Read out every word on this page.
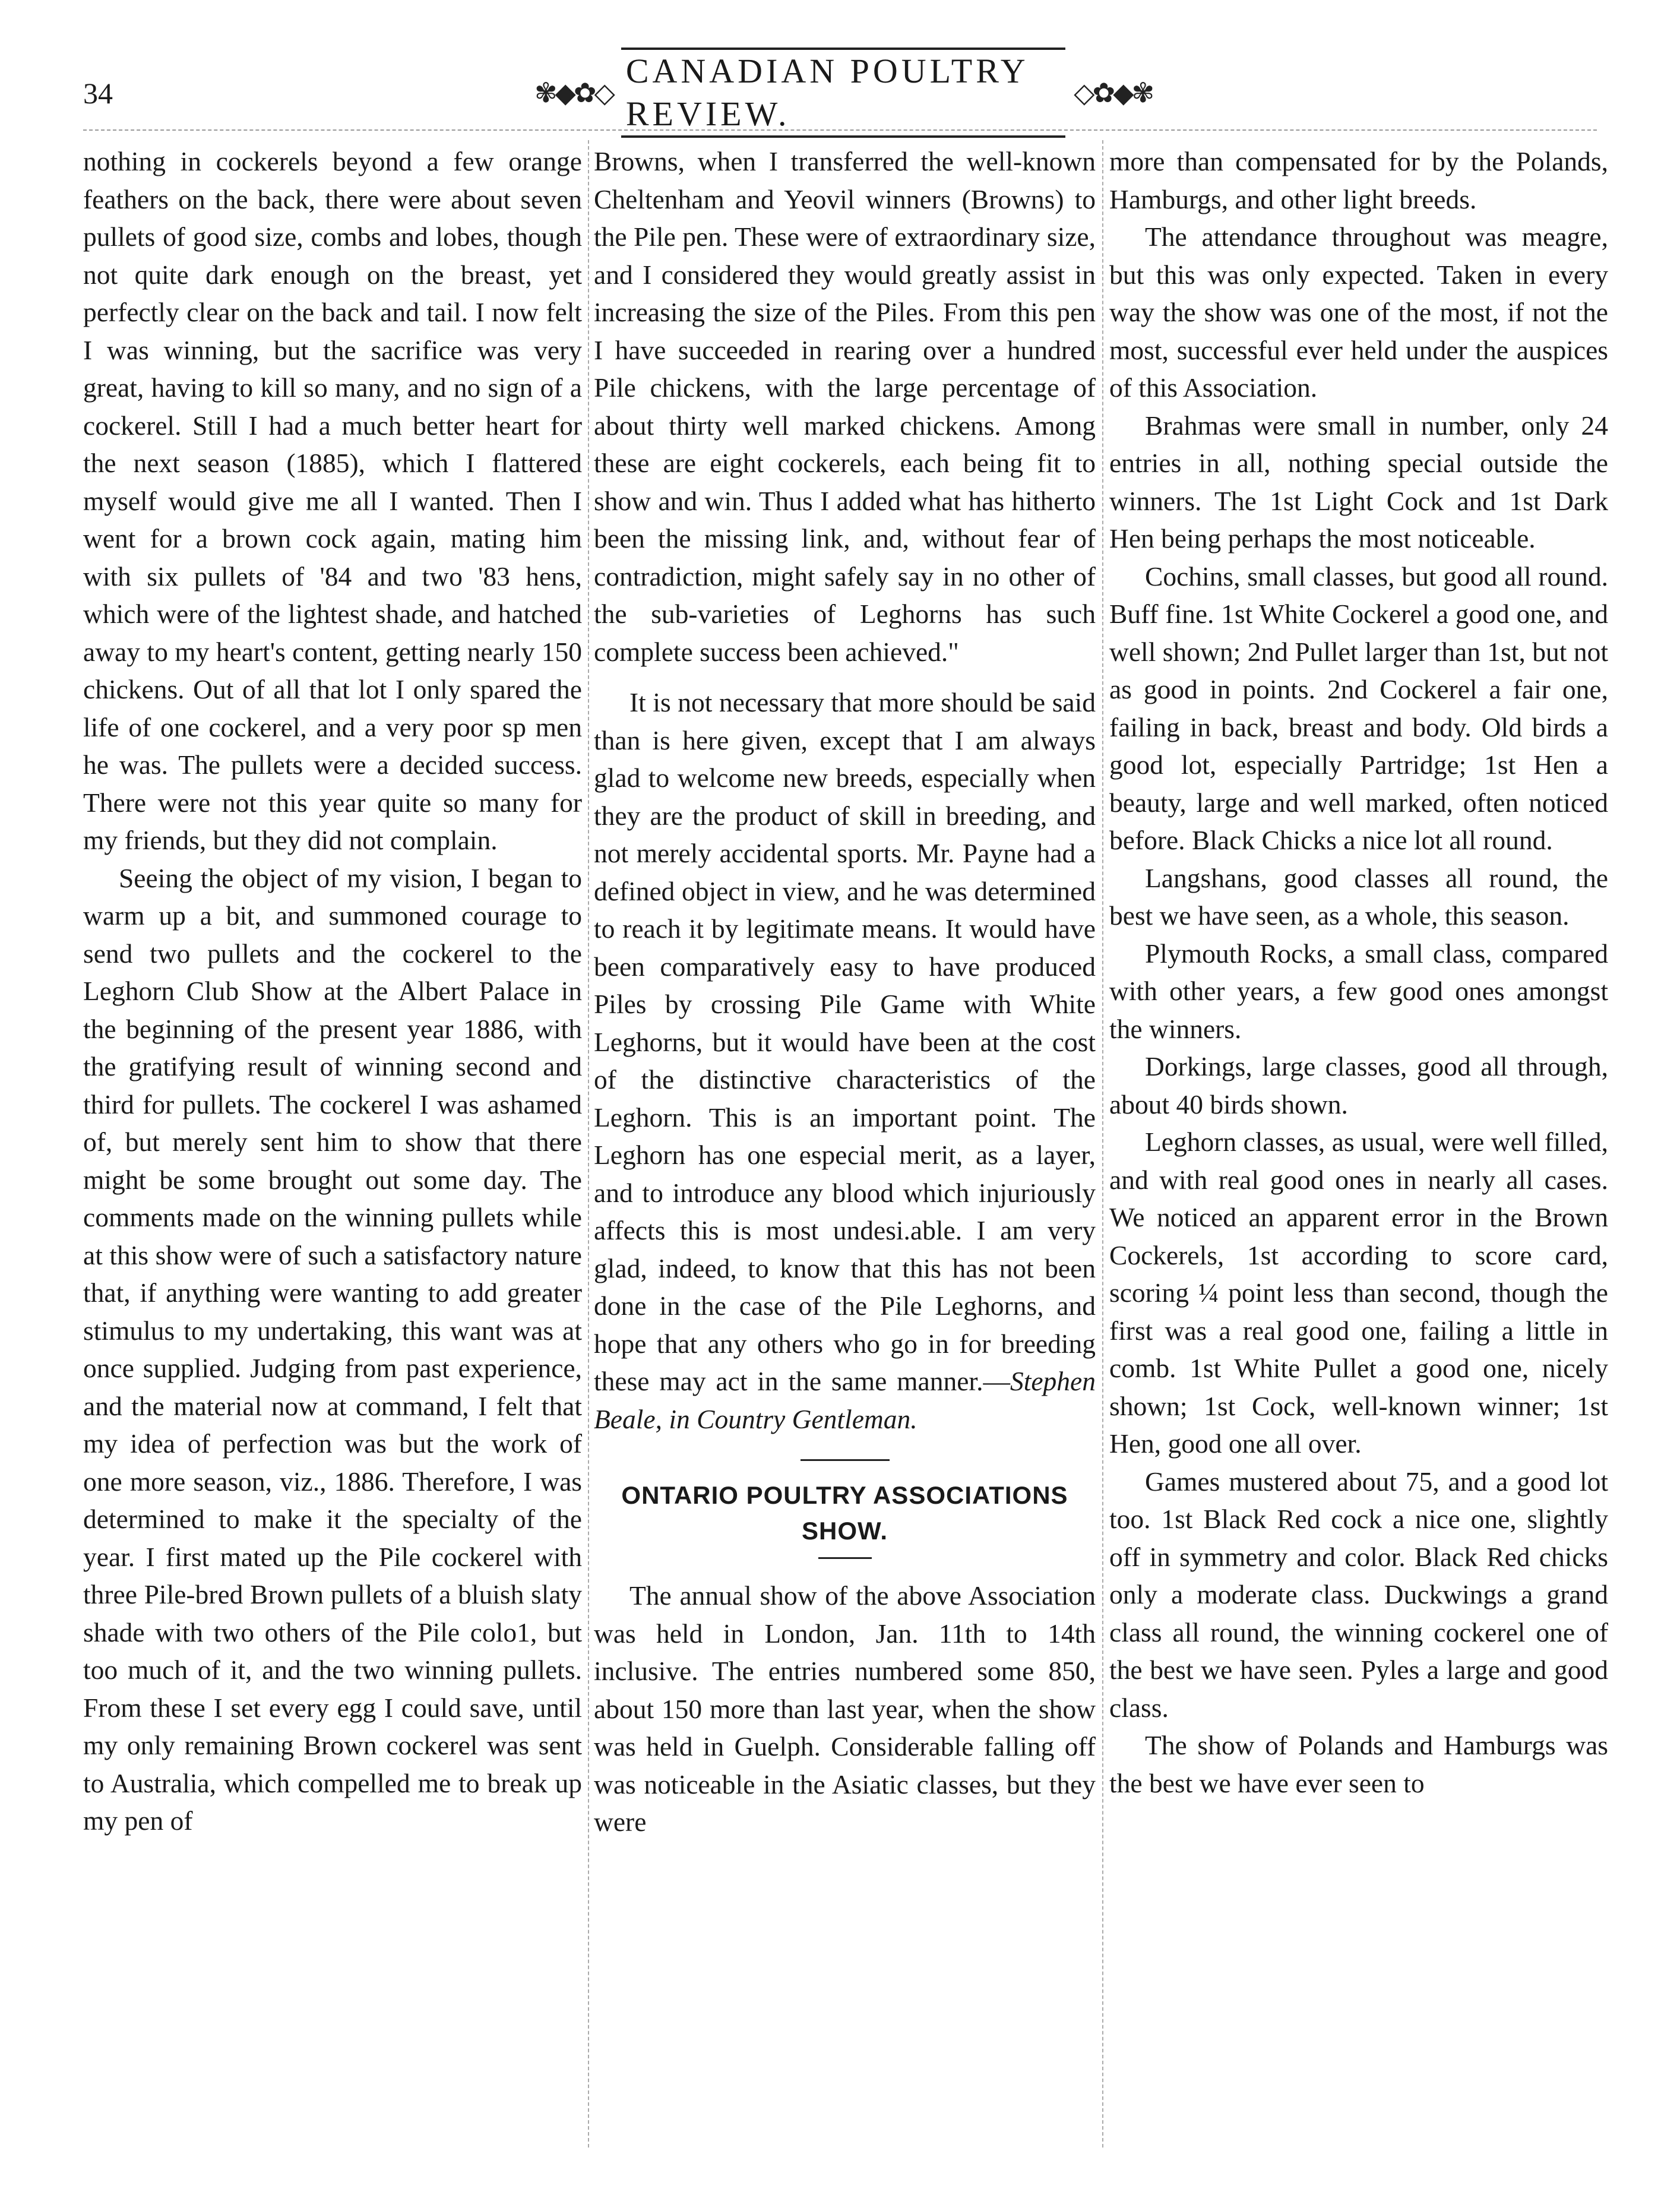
34	✾◆✿◇
CANADIAN POULTRY REVIEW.
◇✿◆✾

nothing in cockerels beyond a few orange feathers on the back, there were about seven pullets of good size, combs and lobes, though not quite dark enough on the breast, yet perfectly clear on the back and tail. I now felt I was winning, but the sacrifice was very great, having to kill so many, and no sign of a cockerel. Still I had a much better heart for the next season (1885), which I flattered myself would give me all I wanted. Then I went for a brown cock again, mating him with six pullets of '84 and two '83 hens, which were of the lightest shade, and hatched away to my heart's content, getting nearly 150 chickens. Out of all that lot I only spared the life of one cockerel, and a very poor sp men he was. The pullets were a decided success. There were not this year quite so many for my friends, but they did not complain.

Seeing the object of my vision, I began to warm up a bit, and summoned courage to send two pullets and the cockerel to the Leghorn Club Show at the Albert Palace in the beginning of the present year 1886, with the gratifying result of winning second and third for pullets. The cockerel I was ashamed of, but merely sent him to show that there might be some brought out some day. The comments made on the winning pullets while at this show were of such a satisfactory nature that, if anything were wanting to add greater stimulus to my undertaking, this want was at once supplied. Judging from past experience, and the material now at command, I felt that my idea of perfection was but the work of one more season, viz., 1886. Therefore, I was determined to make it the specialty of the year. I first mated up the Pile cockerel with three Pile-bred Brown pullets of a bluish slaty shade with two others of the Pile colo1, but too much of it, and the two winning pullets. From these I set every egg I could save, until my only remaining Brown cockerel was sent to Australia, which compelled me to break up my pen of

Browns, when I transferred the well-known Cheltenham and Yeovil winners (Browns) to the Pile pen. These were of extraordinary size, and I considered they would greatly assist in increasing the size of the Piles. From this pen I have succeeded in rearing over a hundred Pile chickens, with the large percentage of about thirty well marked chickens. Among these are eight cockerels, each being fit to show and win. Thus I added what has hitherto been the missing link, and, without fear of contradiction, might safely say in no other of the sub-varieties of Leghorns has such complete success been achieved."

It is not necessary that more should be said than is here given, except that I am always glad to welcome new breeds, especially when they are the product of skill in breeding, and not merely accidental sports. Mr. Payne had a defined object in view, and he was determined to reach it by legitimate means. It would have been comparatively easy to have produced Piles by crossing Pile Game with White Leghorns, but it would have been at the cost of the distinctive characteristics of the Leghorn. This is an important point. The Leghorn has one especial merit, as a layer, and to introduce any blood which injuriously affects this is most undesi.able. I am very glad, indeed, to know that this has not been done in the case of the Pile Leghorns, and hope that any others who go in for breeding these may act in the same manner.—Stephen Beale, in Country Gentleman.

ONTARIO POULTRY ASSOCIATIONS SHOW.

The annual show of the above Association was held in London, Jan. 11th to 14th inclusive. The entries numbered some 850, about 150 more than last year, when the show was held in Guelph. Considerable falling off was noticeable in the Asiatic classes, but they were

more than compensated for by the Polands, Hamburgs, and other light breeds.

The attendance throughout was meagre, but this was only expected. Taken in every way the show was one of the most, if not the most, successful ever held under the auspices of this Association.

Brahmas were small in number, only 24 entries in all, nothing special outside the winners. The 1st Light Cock and 1st Dark Hen being perhaps the most noticeable.

Cochins, small classes, but good all round. Buff fine. 1st White Cockerel a good one, and well shown; 2nd Pullet larger than 1st, but not as good in points. 2nd Cockerel a fair one, failing in back, breast and body. Old birds a good lot, especially Partridge; 1st Hen a beauty, large and well marked, often noticed before. Black Chicks a nice lot all round.

Langshans, good classes all round, the best we have seen, as a whole, this season.

Plymouth Rocks, a small class, compared with other years, a few good ones amongst the winners.

Dorkings, large classes, good all through, about 40 birds shown.

Leghorn classes, as usual, were well filled, and with real good ones in nearly all cases. We noticed an apparent error in the Brown Cockerels, 1st according to score card, scoring ¼ point less than second, though the first was a real good one, failing a little in comb. 1st White Pullet a good one, nicely shown; 1st Cock, well-known winner; 1st Hen, good one all over.

Games mustered about 75, and a good lot too. 1st Black Red cock a nice one, slightly off in symmetry and color. Black Red chicks only a moderate class. Duckwings a grand class all round, the winning cockerel one of the best we have seen. Pyles a large and good class.

The show of Polands and Hamburgs was the best we have ever seen to
